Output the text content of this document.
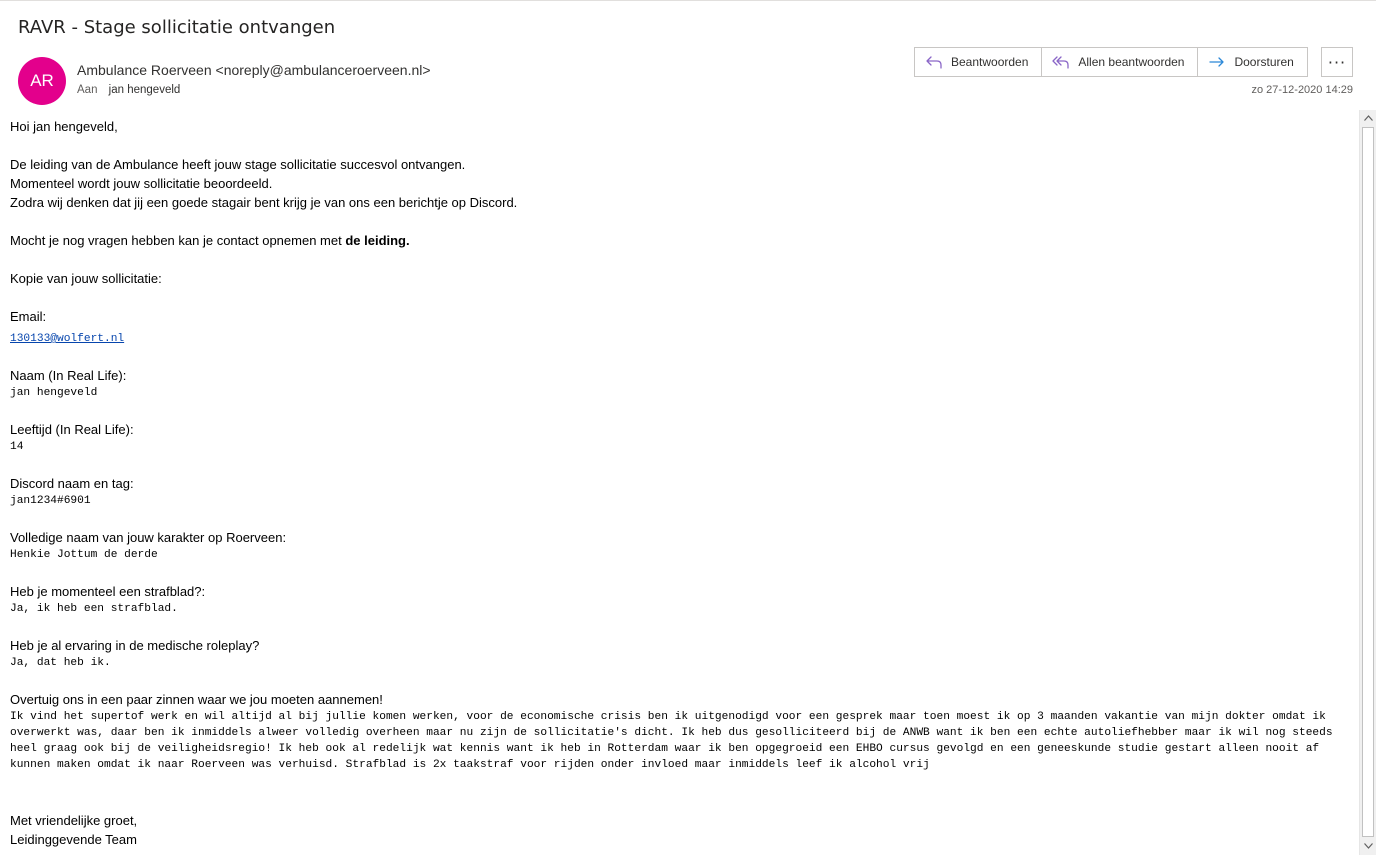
RAVR - Stage sollicitatie ontvangen
AR
Ambulance Roerveen <noreply@ambulanceroerveen.nl>
Aan jan hengeveld
Beantwoorden	Allen beantwoorden	Doorsturen ···
zo 27-12-2020 14:29
Hoi jan hengeveld,
De leiding van de Ambulance heeft jouw stage sollicitatie succesvol ontvangen.
Momenteel wordt jouw sollicitatie beoordeeld.
Zodra wij denken dat jij een goede stagair bent krijg je van ons een berichtje op Discord.
Mocht je nog vragen hebben kan je contact opnemen met de leiding.
Kopie van jouw sollicitatie:
Email:
130133@wolfert.nl
Naam (In Real Life):
jan hengeveld
Leeftijd (In Real Life):
14
Discord naam en tag:
jan1234#6901
Volledige naam van jouw karakter op Roerveen:
Henkie Jottum de derde
Heb je momenteel een strafblad?:
Ja, ik heb een strafblad.
Heb je al ervaring in de medische roleplay?
Ja, dat heb ik.
Overtuig ons in een paar zinnen waar we jou moeten aannemen!
Ik vind het supertof werk en wil altijd al bij jullie komen werken, voor de economische crisis ben ik uitgenodigd voor een gesprek maar toen moest ik op 3 maanden vakantie van mijn dokter omdat ik overwerkt was, daar ben ik inmiddels alweer volledig overheen maar nu zijn de sollicitatie's dicht. Ik heb dus gesolliciteerd bij de ANWB want ik ben een echte autoliefhebber maar ik wil nog steeds heel graag ook bij de veiligheidsregio! Ik heb ook al redelijk wat kennis want ik heb in Rotterdam waar ik ben opgegroeid een EHBO cursus gevolgd en een geneeskunde studie gestart alleen nooit af kunnen maken omdat ik naar Roerveen was verhuisd. Strafblad is 2x taakstraf voor rijden onder invloed maar inmiddels leef ik alcohol vrij
Met vriendelijke groet,
Leidinggevende Team
